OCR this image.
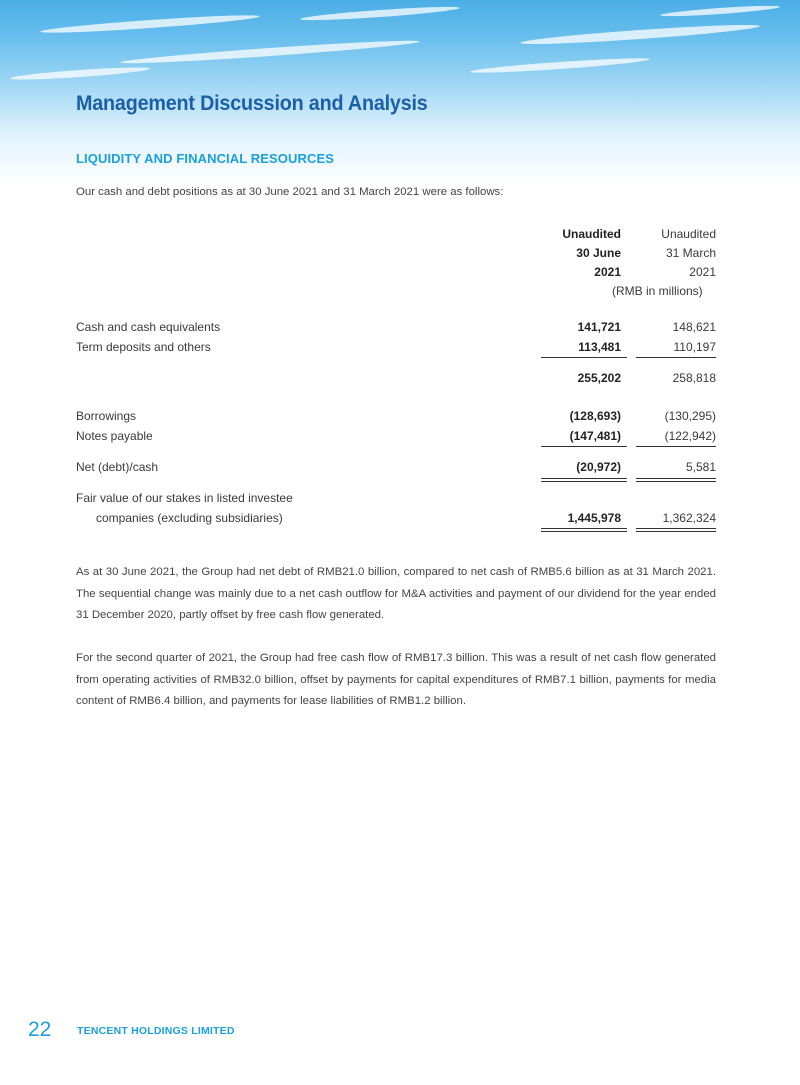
Management Discussion and Analysis
LIQUIDITY AND FINANCIAL RESOURCES
Our cash and debt positions as at 30 June 2021 and 31 March 2021 were as follows:
Unaudited	Unaudited
30 June	31 March
2021	2021
(RMB in millions)
Cash and cash equivalents	141,721	148,621
Term deposits and others	113,481	110,197
255,202	258,818
Borrowings	(128,693)	(130,295)
Notes payable	(147,481)	(122,942)
Net (debt)/cash	(20,972)	5,581
Fair value of our stakes in listed investee
companies (excluding subsidiaries)	1,445,978	1,362,324

As at 30 June 2021, the Group had net debt of RMB21.0 billion, compared to net cash of RMB5.6 billion as at 31 March 2021. The sequential change was mainly due to a net cash outflow for M&A activities and payment of our dividend for the year ended 31 December 2020, partly offset by free cash flow generated.

For the second quarter of 2021, the Group had free cash flow of RMB17.3 billion. This was a result of net cash flow generated from operating activities of RMB32.0 billion, offset by payments for capital expenditures of RMB7.1 billion, payments for media content of RMB6.4 billion, and payments for lease liabilities of RMB1.2 billion.

22 TENCENT HOLDINGS LIMITED
